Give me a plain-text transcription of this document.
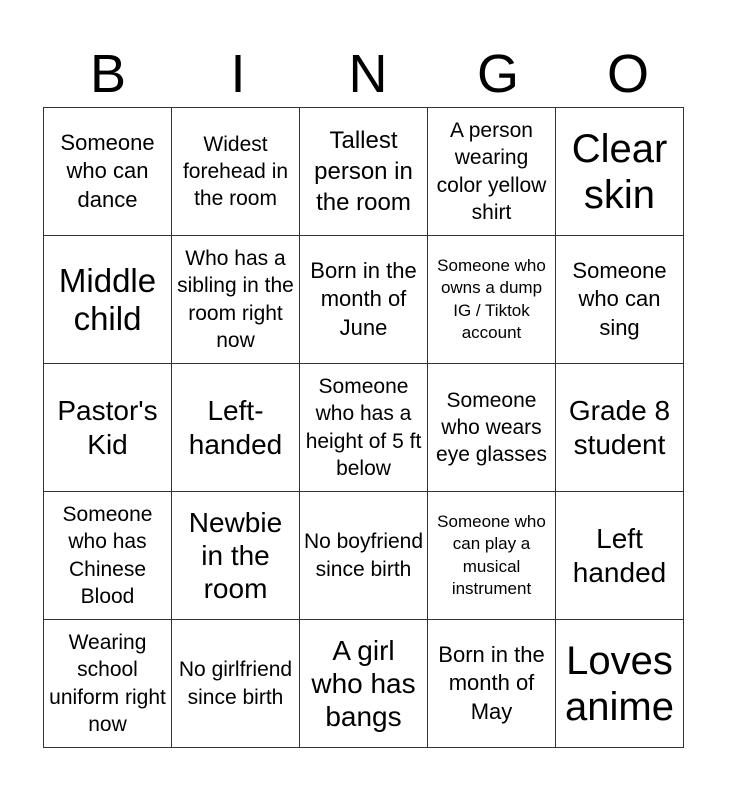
B	I	N	G	O
Someone who can dance	Widest forehead in the room	Tallest person in the room	A person wearing color yellow shirt	Clear skin

Middle child	Who has a sibling in the room right now	Born in the month of June	Someone who owns a dump IG / Tiktok account	Someone who can sing

Pastor's Kid	Left-handed	Someone who has a height of 5 ft below	Someone who wears eye glasses	Grade 8 student

Someone who has Chinese Blood	Newbie in the room	No boyfriend since birth	Someone who can play a musical instrument	Left handed

Wearing school uniform right now	No girlfriend since birth	A girl who has bangs	Born in the month of May	Loves anime
